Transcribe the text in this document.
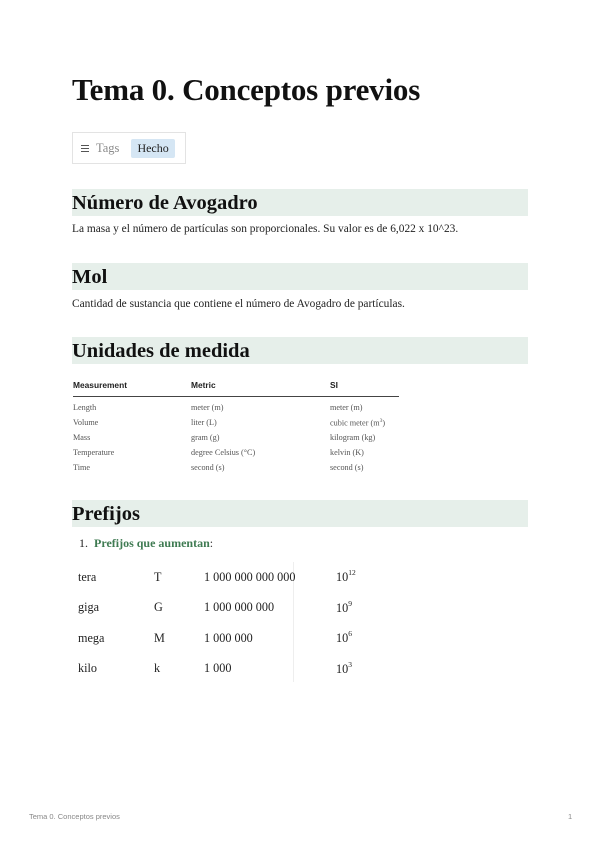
Tema 0. Conceptos previos
Tags	Hecho
Número de Avogadro
La masa y el número de partículas son proporcionales. Su valor es de 6,022 x 10^23.
Mol
Cantidad de sustancia que contiene el número de Avogadro de partículas.
Unidades de medida
Measurement	Metric	SI
Length	meter (m)	meter (m)
Volume	liter (L)	cubic meter $(m^3)$
Mass	gram (g)	kilogram (kg)
Temperature	degree Celsius (°C)	kelvin (K)
Time	second (s)	second (s)
Prefijos
1. Prefijos que aumentan:
tera	T	1 000 000 000 000	$10^{12}$
giga	G	1 000 000 000	$10^9$
mega	M	1 000 000	$10^6$
kilo	k	1 000	$10^3$
Tema 0. Conceptos previos	1
